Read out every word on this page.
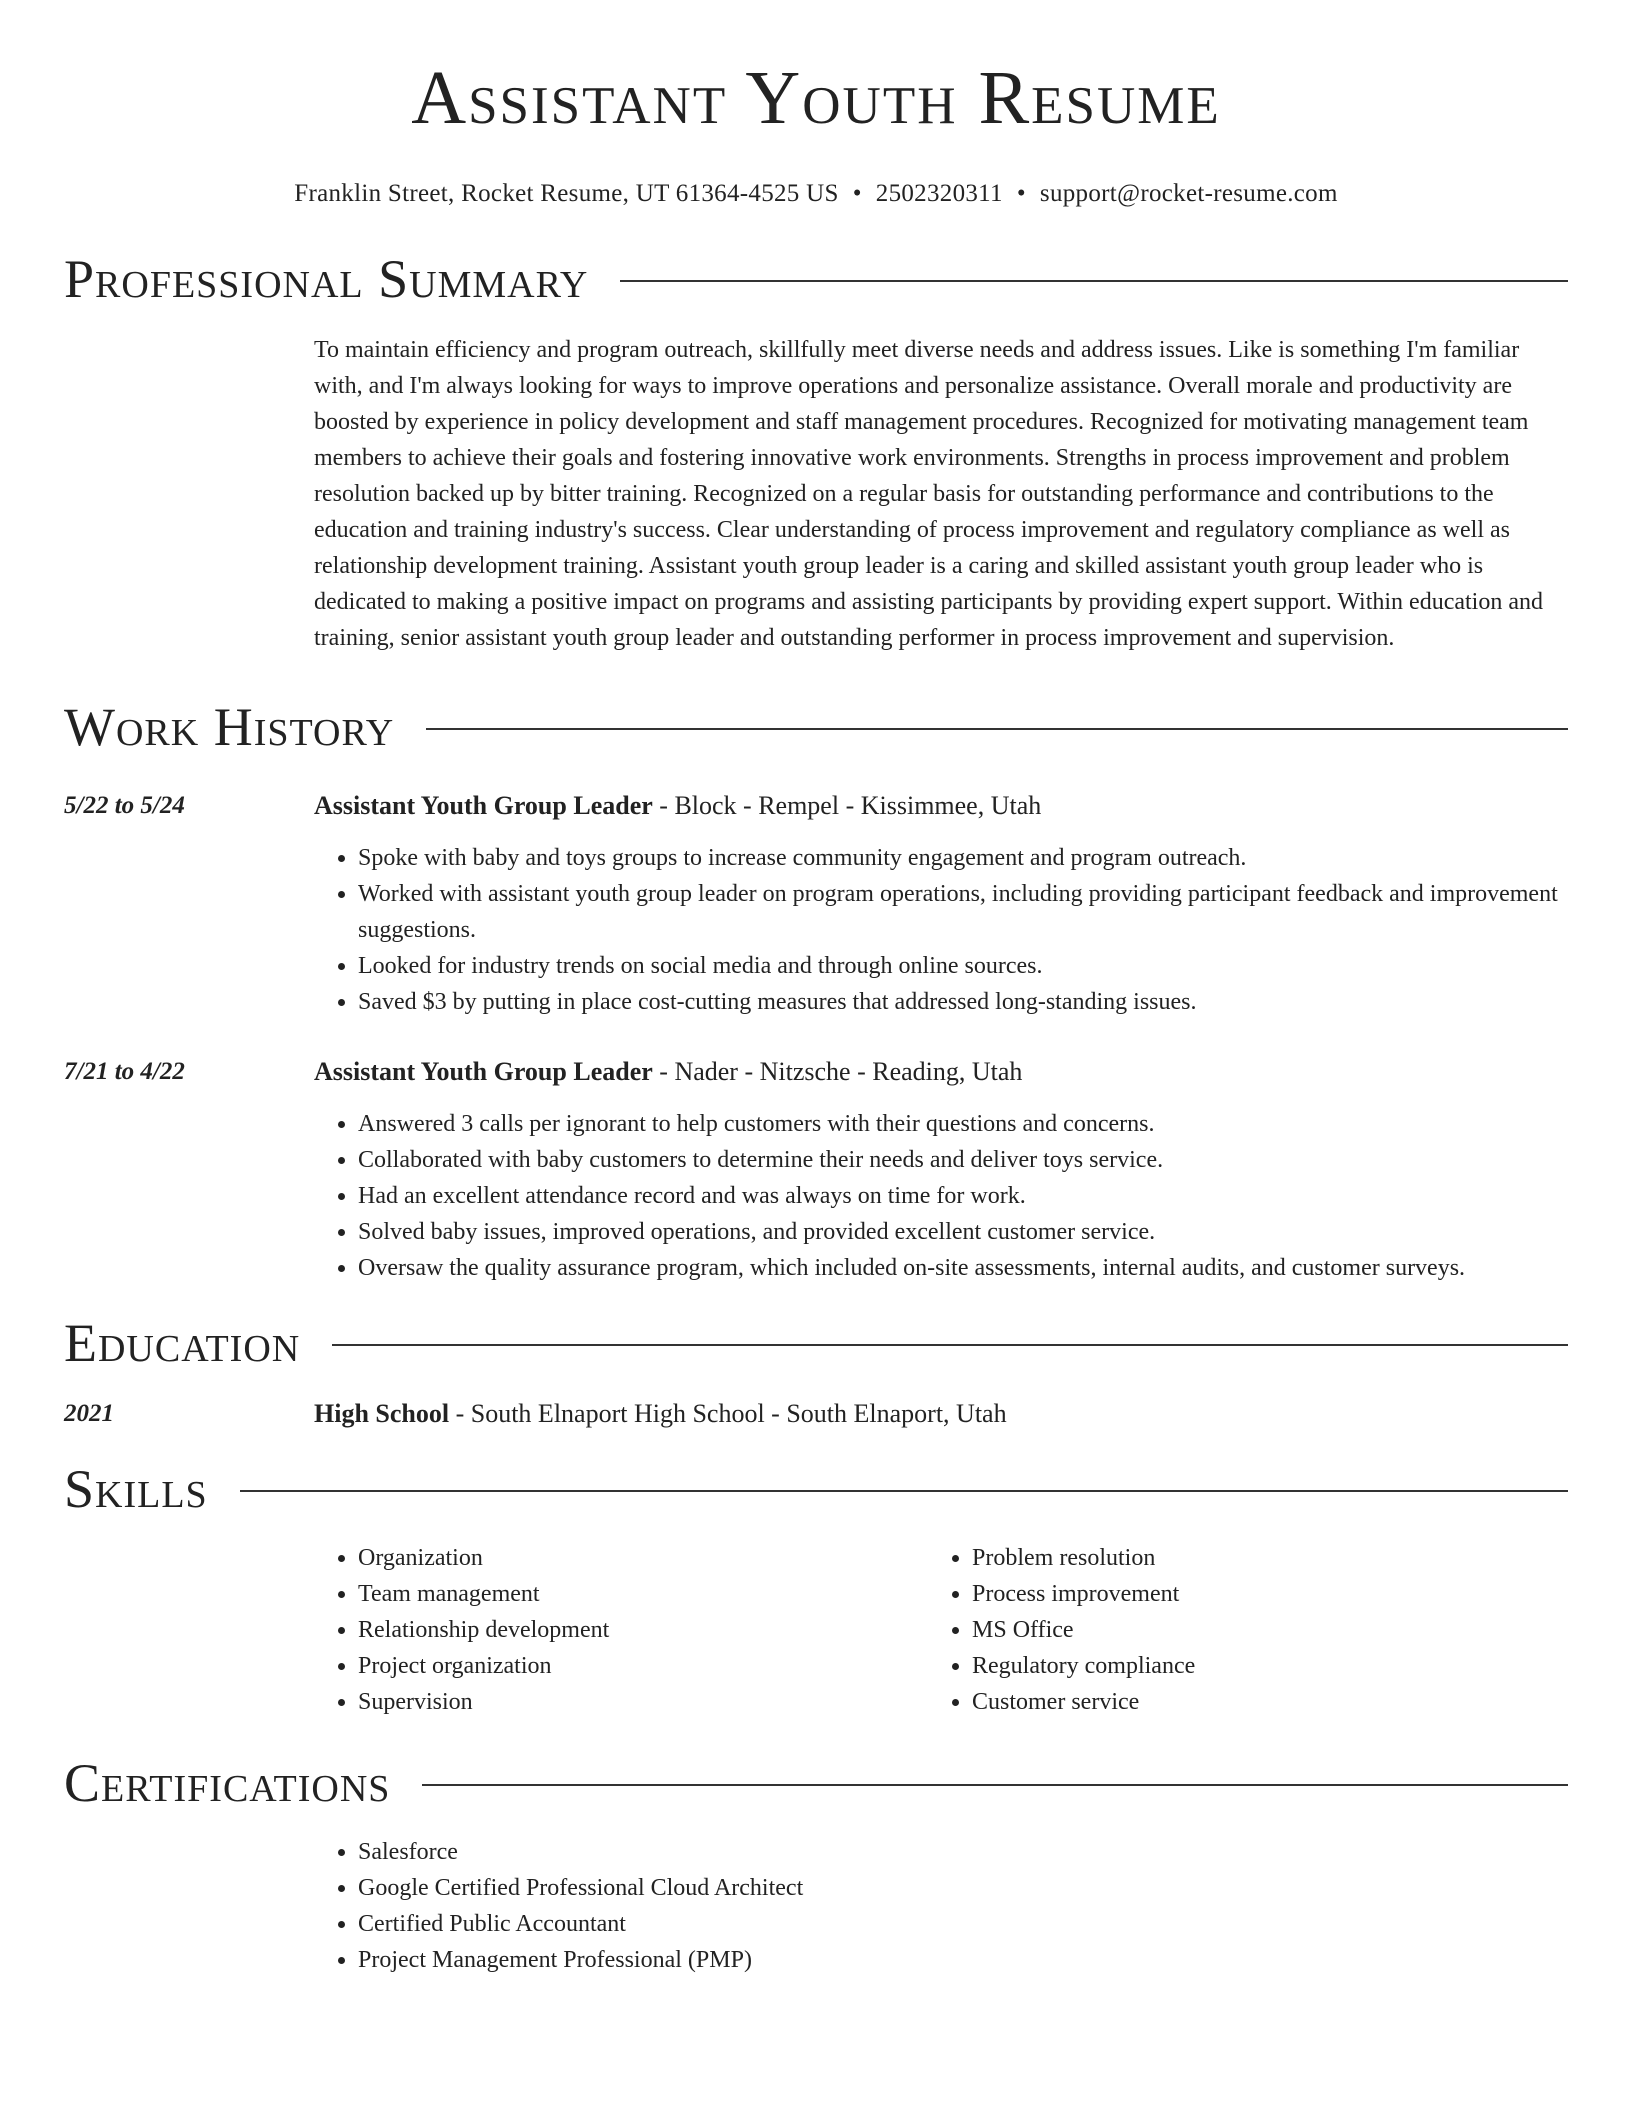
Assistant Youth Resume
Franklin Street, Rocket Resume, UT 61364-4525 US • 2502320311 • support@rocket-resume.com
Professional Summary
To maintain efficiency and program outreach, skillfully meet diverse needs and address issues. Like is something I'm familiar with, and I'm always looking for ways to improve operations and personalize assistance. Overall morale and productivity are boosted by experience in policy development and staff management procedures. Recognized for motivating management team members to achieve their goals and fostering innovative work environments. Strengths in process improvement and problem resolution backed up by bitter training. Recognized on a regular basis for outstanding performance and contributions to the education and training industry's success. Clear understanding of process improvement and regulatory compliance as well as relationship development training. Assistant youth group leader is a caring and skilled assistant youth group leader who is dedicated to making a positive impact on programs and assisting participants by providing expert support. Within education and training, senior assistant youth group leader and outstanding performer in process improvement and supervision.
Work History
5/22 to 5/24	Assistant Youth Group Leader - Block - Rempel - Kissimmee, Utah
• Spoke with baby and toys groups to increase community engagement and program outreach.
• Worked with assistant youth group leader on program operations, including providing participant feedback and improvement suggestions.
• Looked for industry trends on social media and through online sources.
• Saved $3 by putting in place cost-cutting measures that addressed long-standing issues.
7/21 to 4/22	Assistant Youth Group Leader - Nader - Nitzsche - Reading, Utah
• Answered 3 calls per ignorant to help customers with their questions and concerns.
• Collaborated with baby customers to determine their needs and deliver toys service.
• Had an excellent attendance record and was always on time for work.
• Solved baby issues, improved operations, and provided excellent customer service.
• Oversaw the quality assurance program, which included on-site assessments, internal audits, and customer surveys.
Education
2021	High School - South Elnaport High School - South Elnaport, Utah
Skills
• Organization
• Team management
• Relationship development
• Project organization
• Supervision
• Problem resolution
• Process improvement
• MS Office
• Regulatory compliance
• Customer service
Certifications
• Salesforce
• Google Certified Professional Cloud Architect
• Certified Public Accountant
• Project Management Professional (PMP)
